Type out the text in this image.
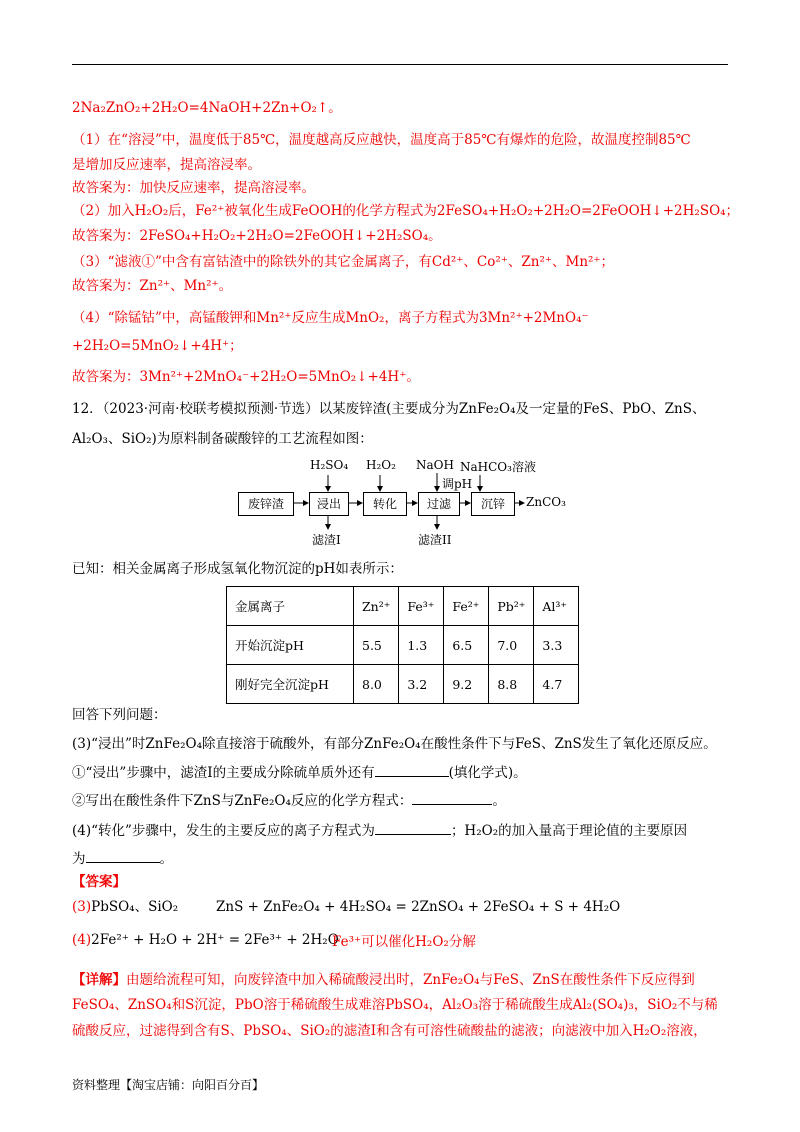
2Na₂ZnO₂+2H₂O=4NaOH+2Zn+O₂↑。
（1）在“溶浸”中，温度低于85℃，温度越高反应越快，温度高于85℃有爆炸的危险，故温度控制85℃
是增加反应速率，提高溶浸率。
故答案为：加快反应速率，提高溶浸率。
（2）加入H₂O₂后，Fe²⁺被氧化生成FeOOH的化学方程式为2FeSO₄+H₂O₂+2H₂O=2FeOOH↓+2H₂SO₄；
故答案为：2FeSO₄+H₂O₂+2H₂O=2FeOOH↓+2H₂SO₄。
（3）“滤液①”中含有富钴渣中的除铁外的其它金属离子，有Cd²⁺、Co²⁺、Zn²⁺、Mn²⁺；
故答案为：Zn²⁺、Mn²⁺。
（4）“除锰钴”中，高锰酸钾和Mn²⁺反应生成MnO₂，离子方程式为3Mn²⁺+2MnO₄⁻
+2H₂O=5MnO₂↓+4H⁺；
故答案为：3Mn²⁺+2MnO₄⁻+2H₂O=5MnO₂↓+4H⁺。
12．（2023·河南·校联考模拟预测·节选）以某废锌渣(主要成分为ZnFe₂O₄及一定量的FeS、PbO、ZnS、
Al₂O₃、SiO₂)为原料制备碳酸锌的工艺流程如图：
废锌渣	浸出	转化	过滤	沉锌	ZnCO₃
H₂SO₄ H₂O₂ NaOH NaHCO₃溶液
调pH
滤渣I	滤渣II
已知：相关金属离子形成氢氧化物沉淀的pH如表所示：
金属离子	Zn²⁺	Fe³⁺	Fe²⁺	Pb²⁺	Al³⁺
开始沉淀pH	5.5	1.3	6.5	7.0	3.3
刚好完全沉淀pH	8.0	3.2	9.2	8.8	4.7
回答下列问题：
(3)“浸出”时ZnFe₂O₄除直接溶于硫酸外，有部分ZnFe₂O₄在酸性条件下与FeS、ZnS发生了氧化还原反应。
①“浸出”步骤中，滤渣I的主要成分除硫单质外还有	(填化学式)。
②写出在酸性条件下ZnS与ZnFe₂O₄反应的化学方程式：	。
(4)“转化”步骤中，发生的主要反应的离子方程式为	；H₂O₂的加入量高于理论值的主要原因
为	。
【答案】
(3)PbSO₄、SiO₂	ZnS + ZnFe₂O₄ + 4H₂SO₄ = 2ZnSO₄ + 2FeSO₄ + S + 4H₂O
(4)2Fe²⁺ + H₂O + 2H⁺ = 2Fe³⁺ + 2H₂O
Fe³⁺可以催化H₂O₂分解
【详解】由题给流程可知，向废锌渣中加入稀硫酸浸出时，ZnFe₂O₄与FeS、ZnS在酸性条件下反应得到
FeSO₄、ZnSO₄和S沉淀，PbO溶于稀硫酸生成难溶PbSO₄，Al₂O₃溶于稀硫酸生成Al₂(SO₄)₃，SiO₂不与稀
硫酸反应，过滤得到含有S、PbSO₄、SiO₂的滤渣Ⅰ和含有可溶性硫酸盐的滤液；向滤液中加入H₂O₂溶液，
资料整理【淘宝店铺：向阳百分百】
